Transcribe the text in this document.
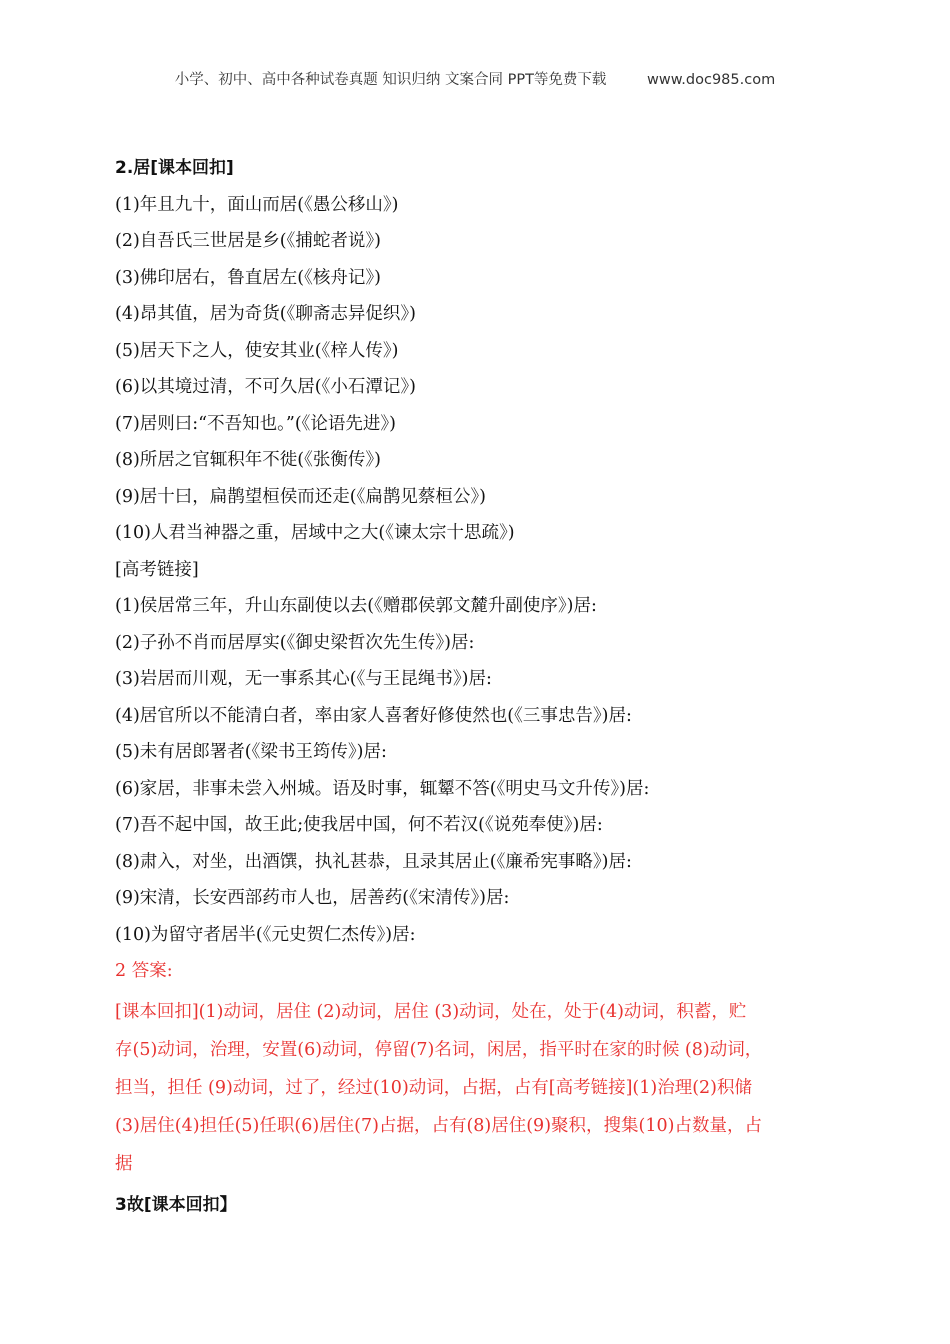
小学、初中、高中各种试卷真题 知识归纳 文案合同 PPT等免费下载	www.doc985.com
2.居[课本回扣]
(1)年且九十，面山而居(《愚公移山》)
(2)自吾氏三世居是乡(《捕蛇者说》)
(3)佛印居右，鲁直居左(《核舟记》)
(4)昂其值，居为奇货(《聊斋志异促织》)
(5)居天下之人，使安其业(《梓人传》)
(6)以其境过清，不可久居(《小石潭记》)
(7)居则曰:“不吾知也。”(《论语先进》)
(8)所居之官辄积年不徙(《张衡传》)
(9)居十曰，扁鹊望桓侯而还走(《扁鹊见蔡桓公》)
(10)人君当神器之重，居域中之大(《谏太宗十思疏》)
[高考链接]
(1)侯居常三年，升山东副使以去(《赠郡侯郭文麓升副使序》)居:
(2)子孙不肖而居厚实(《御史梁哲次先生传》)居:
(3)岩居而川观，无一事系其心(《与王昆绳书》)居:
(4)居官所以不能清白者，率由家人喜奢好修使然也(《三事忠告》)居:
(5)未有居郎署者(《梁书王筠传》)居:
(6)家居，非事未尝入州城。语及时事，辄颦不答(《明史马文升传》)居:
(7)吾不起中国，故王此;使我居中国，何不若汉(《说苑奉使》)居:
(8)肃入，对坐，出酒馔，执礼甚恭，且录其居止(《廉希宪事略》)居:
(9)宋清，长安西部药市人也，居善药(《宋清传》)居:
(10)为留守者居半(《元史贺仁杰传》)居:
2 答案:
[课本回扣](1)动词，居住 (2)动词，居住 (3)动词，处在，处于(4)动词，积蓄，贮
存(5)动词，治理，安置(6)动词，停留(7)名词，闲居，指平时在家的时候 (8)动词，
担当，担任 (9)动词，过了，经过(10)动词，占据，占有[高考链接](1)治理(2)积储
(3)居住(4)担任(5)任职(6)居住(7)占据，占有(8)居住(9)聚积，搜集(10)占数量，占
据
3故[课本回扣】
